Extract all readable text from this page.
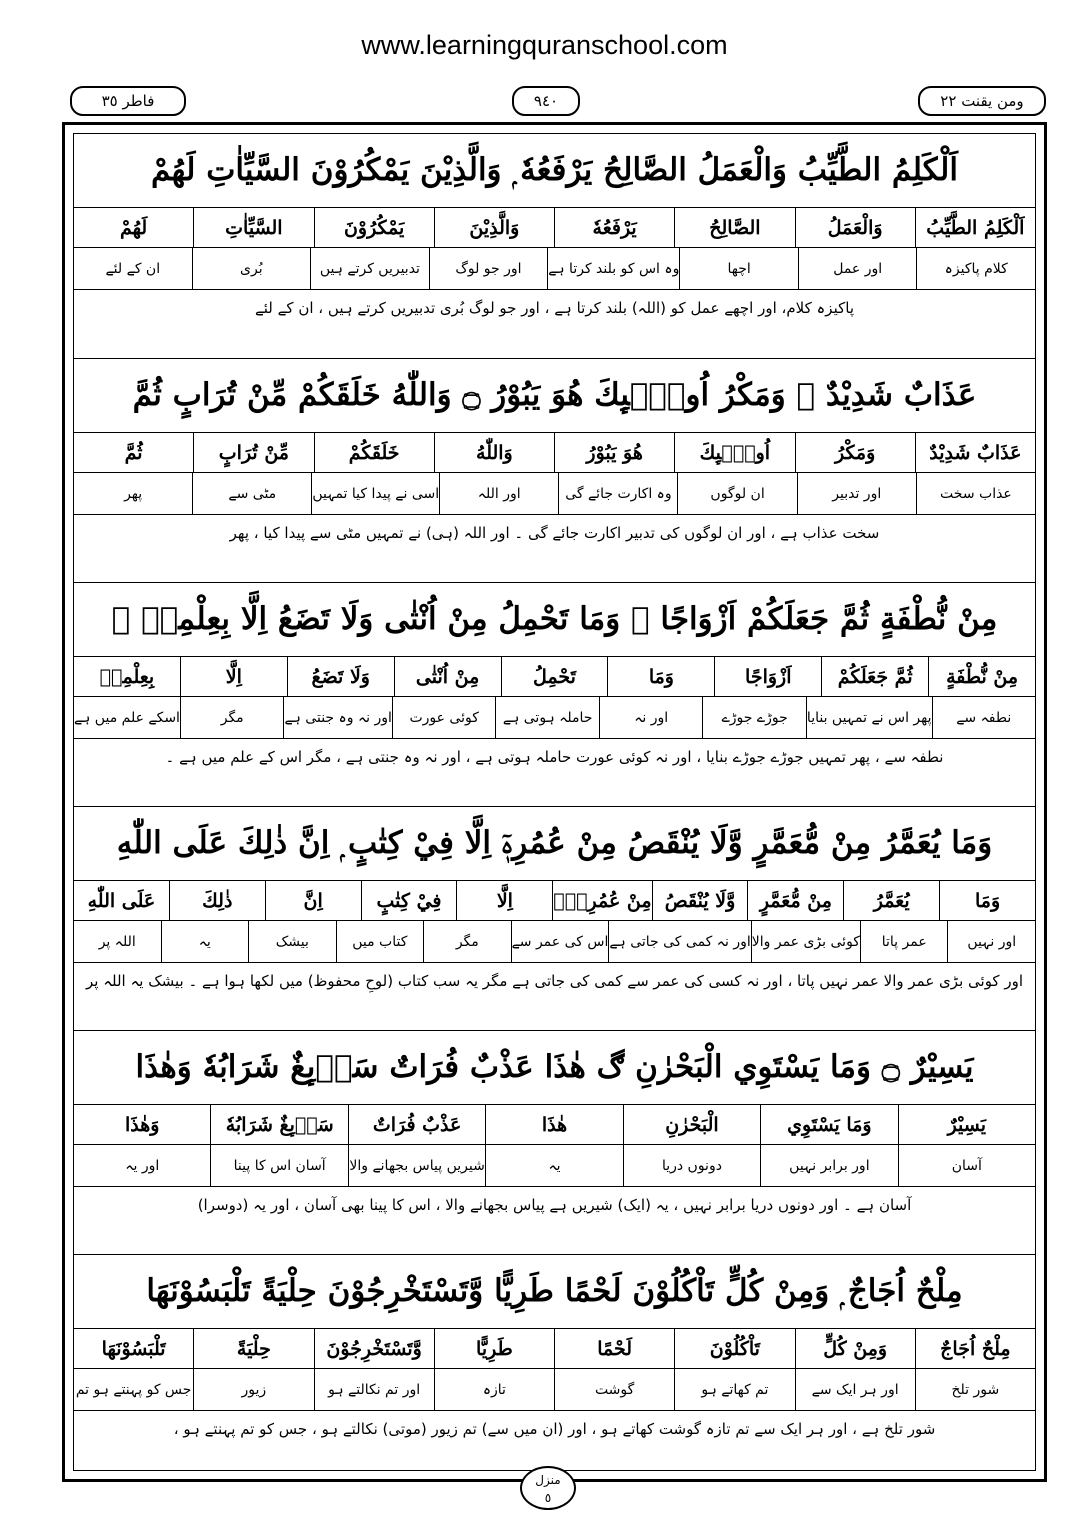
www.learningquranschool.com
ومن يقنت ٢٢
٩٤٠
فاطر ٣٥
اَلْكَلِمُ الطَّيِّبُ وَالْعَمَلُ الصَّالِحُ يَرْفَعُهٗ ۭ وَالَّذِيْنَ يَمْكُرُوْنَ السَّيِّاٰتِ لَهُمْ
اَلْكَلِمُ الطَّيِّبُ
وَالْعَمَلُ
الصَّالِحُ
يَرْفَعُهٗ
وَالَّذِيْنَ
يَمْكُرُوْنَ
السَّيِّاٰتِ
لَهُمْ
کلام پاکیزہ
اور عمل
اچھا
وہ اس کو بلند کرتا ہے
اور جو لوگ
تدبیریں کرتے ہیں
بُری
ان کے لئے
پاکیزہ کلام، اور اچھے عمل کو (اللہ) بلند کرتا ہے ، اور جو لوگ بُری تدبیریں کرتے ہیں ، ان کے لئے
عَذَابٌ شَدِيْدٌ ۭ وَمَكْرُ اُولٰۗىِٕكَ هُوَ يَبُوْرُ ۝ وَاللّٰهُ خَلَقَكُمْ مِّنْ تُرَابٍ ثُمَّ
عَذَابٌ شَدِيْدٌ
وَمَكْرُ
اُولٰۗىِٕكَ
هُوَ يَبُوْرُ
وَاللّٰهُ
خَلَقَكُمْ
مِّنْ تُرَابٍ
ثُمَّ
عذاب سخت
اور تدبیر
ان لوگوں
وہ اکارت جائے گی
اور اللہ
اسی نے پیدا کیا تمہیں
مٹی سے
پھر
سخت عذاب ہے ، اور ان لوگوں کی تدبیر اکارت جائے گی ۔ اور اللہ (ہی) نے تمہیں مٹی سے پیدا کیا ، پھر
مِنْ نُّطْفَةٍ ثُمَّ جَعَلَكُمْ اَزْوَاجًا ۭ وَمَا تَحْمِلُ مِنْ اُنْثٰى وَلَا تَضَعُ اِلَّا بِعِلْمِهٖ ۭ
مِنْ نُّطْفَةٍ
ثُمَّ جَعَلَكُمْ
اَزْوَاجًا
وَمَا
تَحْمِلُ
مِنْ اُنْثٰى
وَلَا تَضَعُ
اِلَّا
بِعِلْمِهٖ
نطفہ سے
پھر اس نے تمہیں بنایا
جوڑے جوڑے
اور نہ
حاملہ ہوتی ہے
کوئی عورت
اور نہ وہ جنتی ہے
مگر
اسکے علم میں ہے
نطفہ سے ، پھر تمہیں جوڑے جوڑے بنایا ، اور نہ کوئی عورت حاملہ ہوتی ہے ، اور نہ وہ جنتی ہے ، مگر اس کے علم میں ہے ۔
وَمَا يُعَمَّرُ مِنْ مُّعَمَّرٍ وَّلَا يُنْقَصُ مِنْ عُمُرِهٖٓ اِلَّا فِيْ كِتٰبٍ ۭ اِنَّ ذٰلِكَ عَلَى اللّٰهِ
وَمَا
يُعَمَّرُ
مِنْ مُّعَمَّرٍ
وَّلَا يُنْقَصُ
مِنْ عُمُرِهٖٓ
اِلَّا
فِيْ كِتٰبٍ
اِنَّ
ذٰلِكَ
عَلَى اللّٰهِ
اور نہیں
عمر پاتا
کوئی بڑی عمر والا
اور نہ کمی کی جاتی ہے
اس کی عمر سے
مگر
کتاب میں
بیشک
یہ
اللہ پر
اور کوئی بڑی عمر والا عمر نہیں پاتا ، اور نہ کسی کی عمر سے کمی کی جاتی ہے مگر یہ سب کتاب (لوحِ محفوظ) میں لکھا ہوا ہے ۔ بیشک یہ اللہ پر
يَسِيْرٌ ۝ وَمَا يَسْتَوِي الْبَحْرٰنِ ڰ هٰذَا عَذْبٌ فُرَاتٌ سَاۗىِٕغٌ شَرَابُهٗ وَهٰذَا
يَسِيْرٌ
وَمَا يَسْتَوِي
الْبَحْرٰنِ
هٰذَا
عَذْبٌ فُرَاتٌ
سَاۗىِٕغٌ شَرَابُهٗ
وَهٰذَا
آسان
اور برابر نہیں
دونوں دریا
یہ
شیریں پیاس بجھانے والا
آسان اس کا پینا
اور یہ
آسان ہے ۔ اور دونوں دریا برابر نہیں ، یہ (ایک) شیریں ہے پیاس بجھانے والا ، اس کا پینا بھی آسان ، اور یہ (دوسرا)
مِلْحٌ اُجَاجٌ ۭ وَمِنْ كُلٍّ تَاْكُلُوْنَ لَحْمًا طَرِيًّا وَّتَسْتَخْرِجُوْنَ حِلْيَةً تَلْبَسُوْنَهَا
مِلْحٌ اُجَاجٌ
وَمِنْ كُلٍّ
تَاْكُلُوْنَ
لَحْمًا
طَرِيًّا
وَّتَسْتَخْرِجُوْنَ
حِلْيَةً
تَلْبَسُوْنَهَا
شور تلخ
اور ہر ایک سے
تم کھاتے ہو
گوشت
تازہ
اور تم نکالتے ہو
زیور
جس کو پہنتے ہو تم
شور تلخ ہے ، اور ہر ایک سے تم تازہ گوشت کھاتے ہو ، اور (ان میں سے) تم زیور (موتی) نکالتے ہو ، جس کو تم پہنتے ہو ،
منزل
٥
